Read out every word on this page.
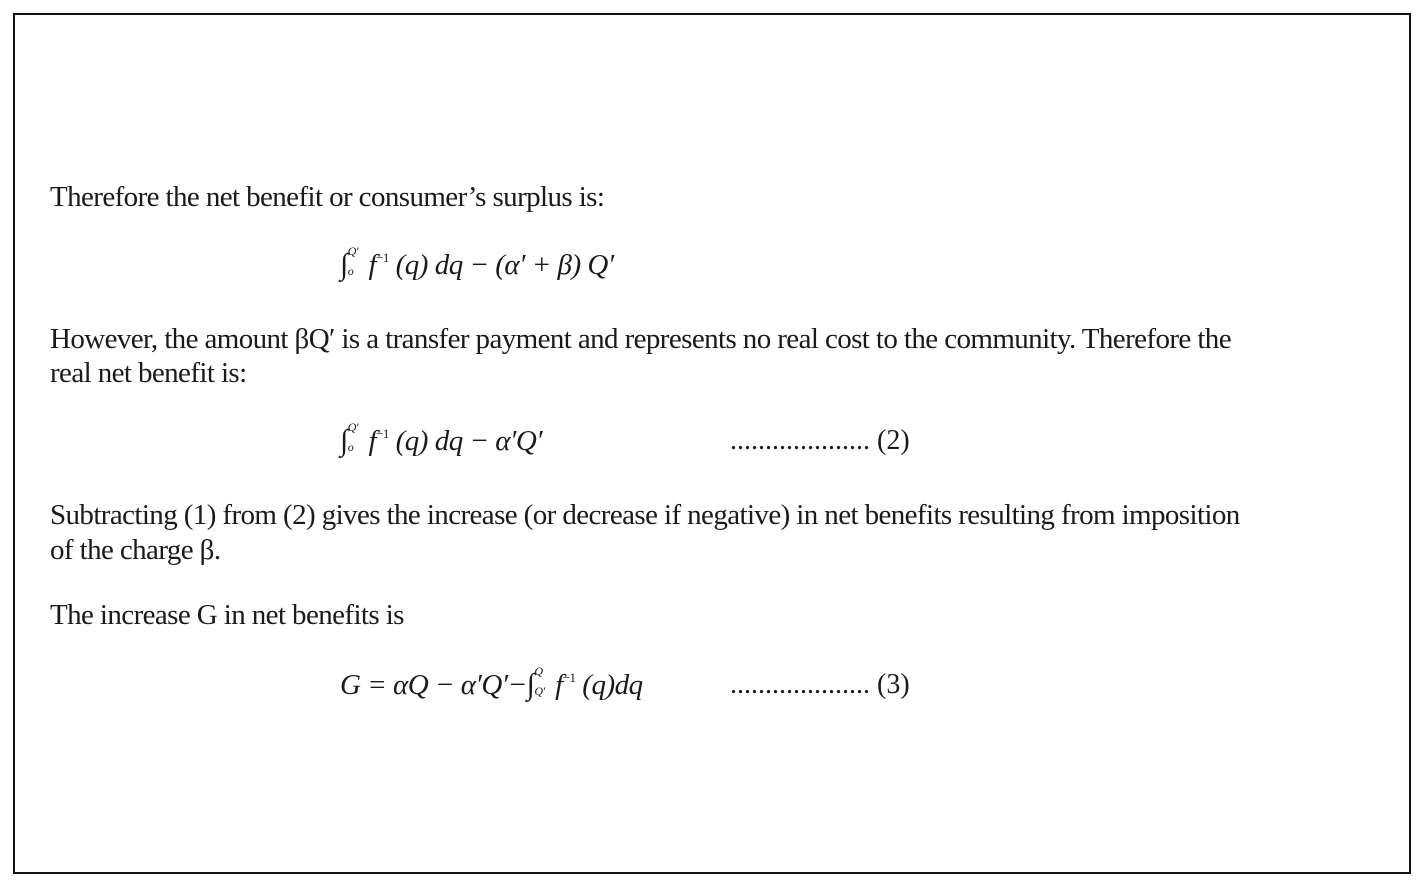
Therefore the net benefit or consumer’s surplus is:
∫ Q′
o $f^{-1}$ (q) dq − (α′ + β) Q′
However, the amount βQ′ is a transfer payment and represents no real cost to the community. Therefore the
real net benefit is:
∫ Q′
o $f^{-1}$ (q) dq − α′Q′	.................... (2)
Subtracting (1) from (2) gives the increase (or decrease if negative) in net benefits resulting from imposition
of the charge β.
The increase G in net benefits is
G = αQ − α′Q′−∫ Q
Q′ $f^{-1}$ (q)dq	.................... (3)
